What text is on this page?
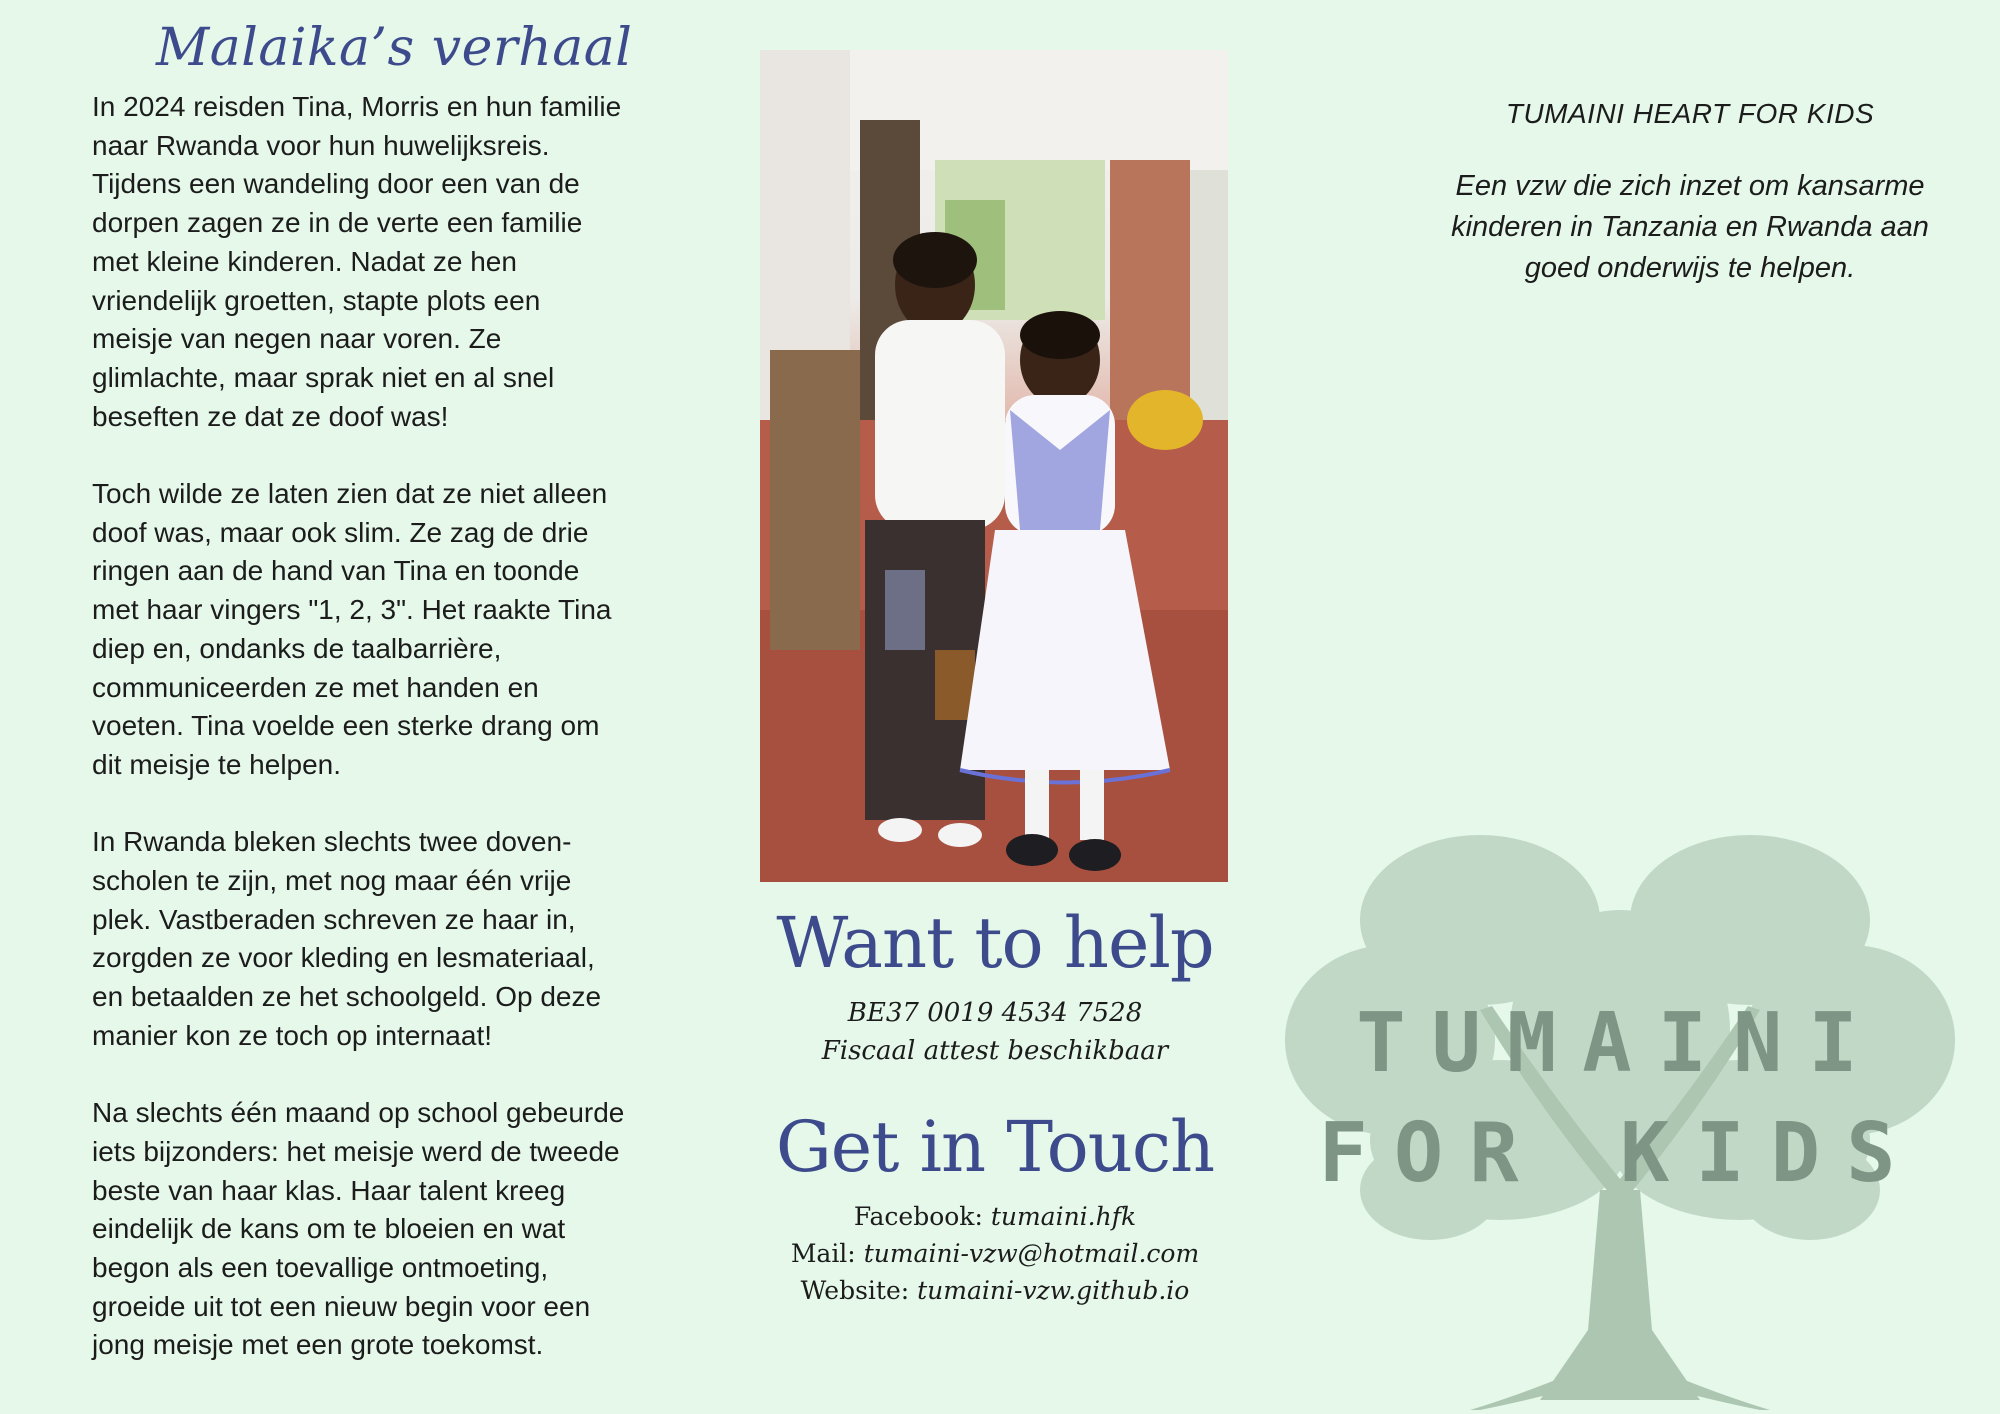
Malaika’s verhaal

In 2024 reisden Tina, Morris en hun familie
naar Rwanda voor hun huwelijksreis.
Tijdens een wandeling door een van de
dorpen zagen ze in de verte een familie
met kleine kinderen. Nadat ze hen
vriendelijk groetten, stapte plots een
meisje van negen naar voren. Ze
glimlachte, maar sprak niet en al snel
beseften ze dat ze doof was!

Toch wilde ze laten zien dat ze niet alleen
doof was, maar ook slim. Ze zag de drie
ringen aan de hand van Tina en toonde
met haar vingers "1, 2, 3". Het raakte Tina
diep en, ondanks de taalbarrière,
communiceerden ze met handen en
voeten. Tina voelde een sterke drang om
dit meisje te helpen.

In Rwanda bleken slechts twee doven-
scholen te zijn, met nog maar één vrije
plek. Vastberaden schreven ze haar in,
zorgden ze voor kleding en lesmateriaal,
en betaalden ze het schoolgeld. Op deze
manier kon ze toch op internaat!

Na slechts één maand op school gebeurde
iets bijzonders: het meisje werd de tweede
beste van haar klas. Haar talent kreeg
eindelijk de kans om te bloeien en wat
begon als een toevallige ontmoeting,
groeide uit tot een nieuw begin voor een
jong meisje met een grote toekomst.

Want to help
BE37 0019 4534 7528
Fiscaal attest beschikbaar
Get in Touch
Facebook: tumaini.hfk
Mail: tumaini-vzw@hotmail.com
Website: tumaini-vzw.github.io

TUMAINI HEART FOR KIDS

Een vzw die zich inzet om kansarme
kinderen in Tanzania en Rwanda aan
goed onderwijs te helpen.

TUMAINI
FOR KIDS
